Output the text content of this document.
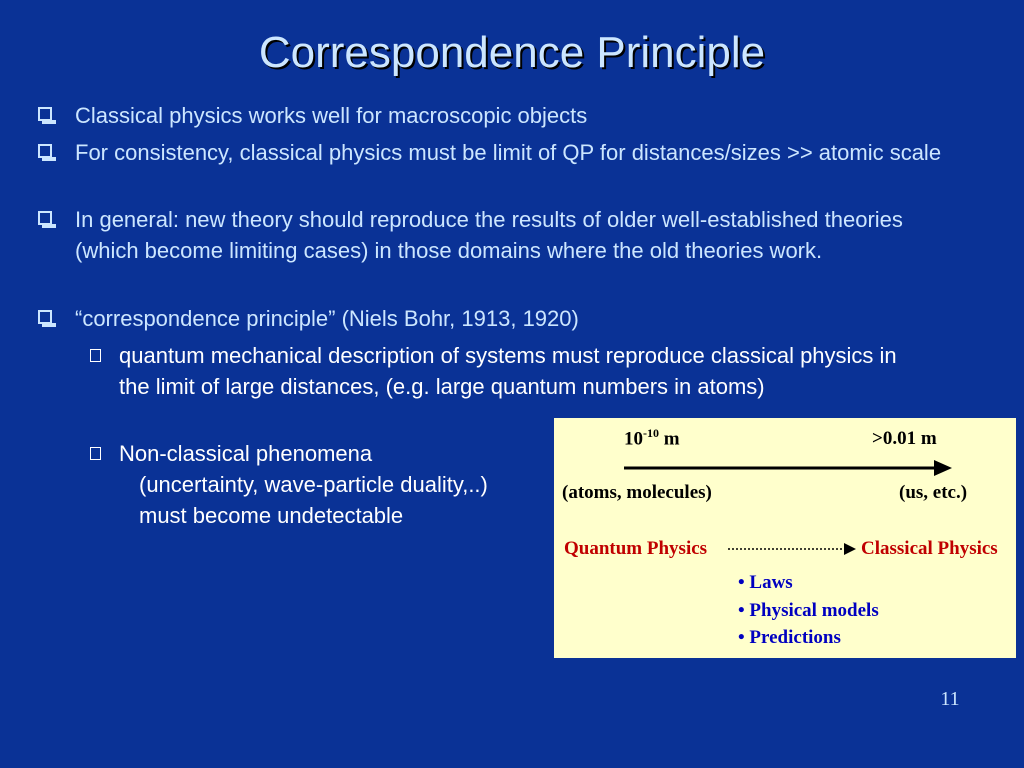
Correspondence Principle
Classical physics works well for macroscopic objects
For consistency, classical physics must be limit of QP for distances/sizes >> atomic scale
In general: new theory should reproduce the results of older well-established theories (which become limiting cases) in those domains where the old theories work.
“correspondence principle” (Niels Bohr, 1913, 1920)
quantum mechanical description of systems must reproduce classical physics in the limit of large distances, (e.g. large quantum numbers in atoms)
Non-classical phenomena
(uncertainty, wave-particle duality,..)
must become undetectable
$10^{-10}$ m	>0.01 m
(atoms, molecules)	(us, etc.)
Quantum Physics	Classical Physics
• Laws
• Physical models
• Predictions
11
